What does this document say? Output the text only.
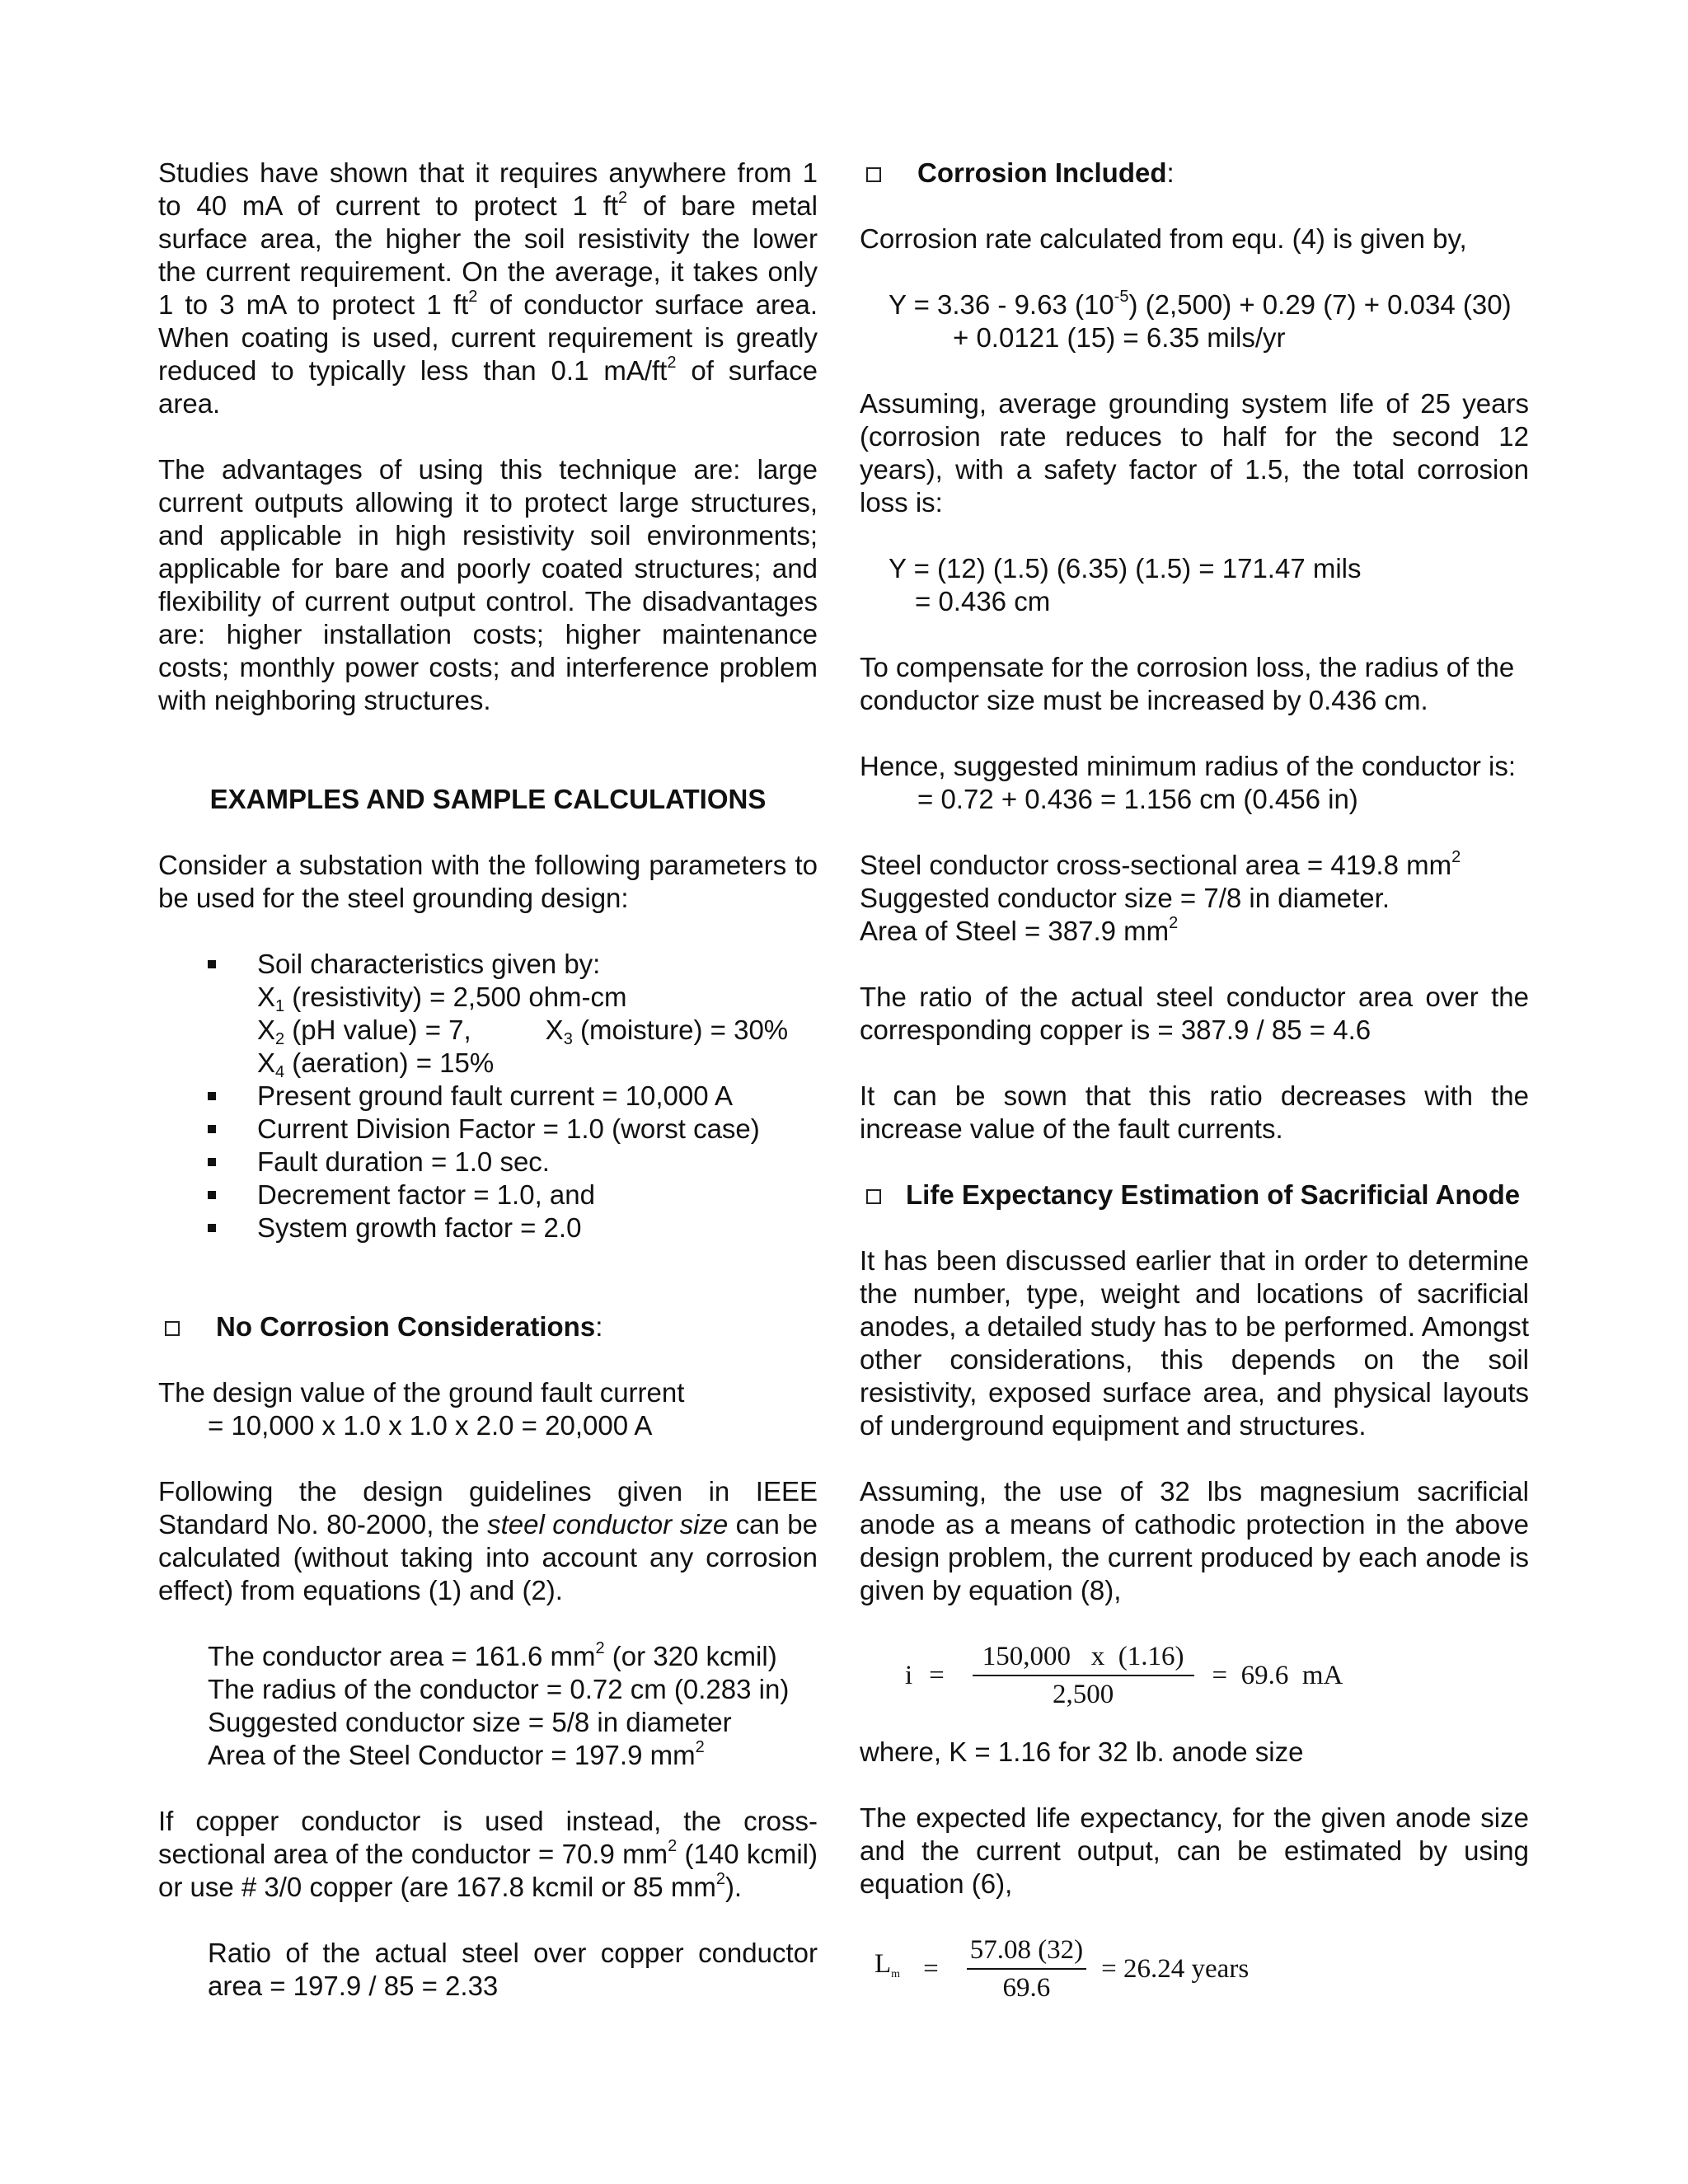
Studies have shown that it requires anywhere from 1 to 40 mA of current to protect 1 $ft^2$ of bare metal surface area, the higher the soil resistivity the lower the current requirement. On the average, it takes only 1 to 3 mA to protect 1 $ft^2$ of conductor surface area. When coating is used, current requirement is greatly reduced to typically less than 0.1 $mA/ft^2$ of surface area.

The advantages of using this technique are: large current outputs allowing it to protect large structures, and applicable in high resistivity soil environments; applicable for bare and poorly coated structures; and flexibility of current output control. The disadvantages are: higher installation costs; higher maintenance costs; monthly power costs; and interference problem with neighboring structures.

EXAMPLES AND SAMPLE CALCULATIONS

Consider a substation with the following parameters to be used for the steel grounding design:

Soil characteristics given by:
$X_1$ (resistivity) = 2,500 ohm-cm
$X_2$ (pH value) = 7,	$X_3$ (moisture) = 30%
$X_4$ (aeration) = 15%
Present ground fault current = 10,000 A
Current Division Factor = 1.0 (worst case)
Fault duration = 1.0 sec.
Decrement factor = 1.0, and
System growth factor = 2.0
No Corrosion Considerations:

The design value of the ground fault current
= 10,000 x 1.0 x 1.0 x 2.0 = 20,000 A

Following the design guidelines given in IEEE Standard No. 80-2000, the steel conductor size can be calculated (without taking into account any corrosion effect) from equations (1) and (2).

The conductor area = 161.6 $mm^2$ (or 320 kcmil)
The radius of the conductor = 0.72 cm (0.283 in)
Suggested conductor size = 5/8 in diameter
Area of the Steel Conductor = 197.9 $mm^2$

If copper conductor is used instead, the cross-sectional area of the conductor = 70.9 $mm^2$ (140 kcmil) or use # 3/0 copper (are 167.8 kcmil or 85 $mm^2$).

Ratio of the actual steel over copper conductor area = 197.9 / 85 = 2.33

Corrosion Included:

Corrosion rate calculated from equ. (4) is given by,

Y = 3.36 - 9.63 $(10^{-5}) (2,500) + 0.29$ (7) + 0.034 (30)
+ 0.0121 (15) = 6.35 mils/yr

Assuming, average grounding system life of 25 years (corrosion rate reduces to half for the second 12 years), with a safety factor of 1.5, the total corrosion loss is:

Y = (12) (1.5) (6.35) (1.5) = 171.47 mils
= 0.436 cm

To compensate for the corrosion loss, the radius of the conductor size must be increased by 0.436 cm.

Hence, suggested minimum radius of the conductor is:
= 0.72 + 0.436 = 1.156 cm (0.456 in)

Steel conductor cross-sectional area = 419.8 $mm^2$
Suggested conductor size = 7/8 in diameter.
Area of Steel = 387.9 $mm^2$

The ratio of the actual steel conductor area over the corresponding copper is = 387.9 / 85 = 4.6

It can be sown that this ratio decreases with the increase value of the fault currents.

Life Expectancy Estimation of Sacrificial Anode

It has been discussed earlier that in order to determine the number, type, weight and locations of sacrificial anodes, a detailed study has to be performed. Amongst other considerations, this depends on the soil resistivity, exposed surface area, and physical layouts of underground equipment and structures.

Assuming, the use of 32 lbs magnesium sacrificial anode as a means of cathodic protection in the above design problem, the current produced by each anode is given by equation (8),

$i = \frac{150,000 x (1.16)}{2,500} = 69.6$  mA

where, K = 1.16 for 32 lb. anode size

The expected life expectancy, for the given anode size and the current output, can be estimated by using equation (6),

$Lm = \frac{57.08 (32)}{69.6} = 26.24$ years
